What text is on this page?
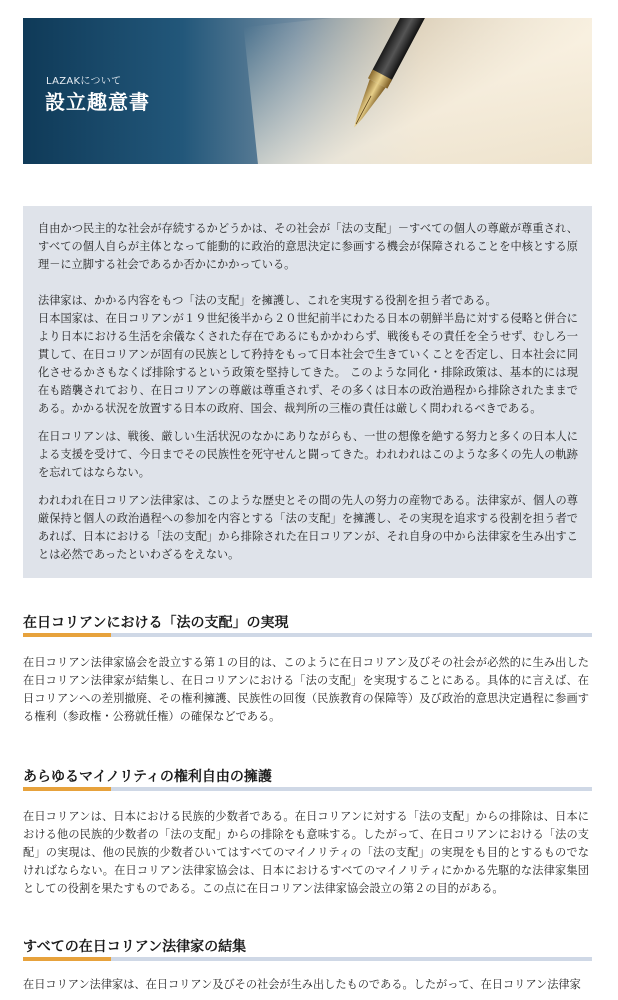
LAZAKについて
設立趣意書
自由かつ民主的な社会が存続するかどうかは、その社会が「法の支配」－すべての個人の尊厳が尊重され、すべての個人自らが主体となって能動的に政治的意思決定に参画する機会が保障されることを中核とする原理－に立脚する社会であるか否かにかかっている。
法律家は、かかる内容をもつ「法の支配」を擁護し、これを実現する役割を担う者である。
日本国家は、在日コリアンが１９世紀後半から２０世紀前半にわたる日本の朝鮮半島に対する侵略と併合により日本における生活を余儀なくされた存在であるにもかかわらず、戦後もその責任を全うせず、むしろ一貫して、在日コリアンが固有の民族として矜持をもって日本社会で生きていくことを否定し、日本社会に同化させるかさもなくば排除するという政策を堅持してきた。 このような同化・排除政策は、基本的には現在も踏襲されており、在日コリアンの尊厳は尊重されず、その多くは日本の政治過程から排除されたままである。かかる状況を放置する日本の政府、国会、裁判所の三権の責任は厳しく問われるべきである。
在日コリアンは、戦後、厳しい生活状況のなかにありながらも、一世の想像を絶する努力と多くの日本人による支援を受けて、今日までその民族性を死守せんと闘ってきた。われわれはこのような多くの先人の軌跡を忘れてはならない。
われわれ在日コリアン法律家は、このような歴史とその間の先人の努力の産物である。法律家が、個人の尊厳保持と個人の政治過程への参加を内容とする「法の支配」を擁護し、その実現を追求する役割を担う者であれば、日本における「法の支配」から排除された在日コリアンが、それ自身の中から法律家を生み出すことは必然であったといわざるをえない。
在日コリアンにおける「法の支配」の実現
在日コリアン法律家協会を設立する第１の目的は、このように在日コリアン及びその社会が必然的に生み出した在日コリアン法律家が結集し、在日コリアンにおける「法の支配」を実現することにある。具体的に言えば、在日コリアンへの差別撤廃、その権利擁護、民族性の回復（民族教育の保障等）及び政治的意思決定過程に参画する権利（参政権・公務就任権）の確保などである。
あらゆるマイノリティの権利自由の擁護
在日コリアンは、日本における民族的少数者である。在日コリアンに対する「法の支配」からの排除は、日本における他の民族的少数者の「法の支配」からの排除をも意味する。したがって、在日コリアンにおける「法の支配」の実現は、他の民族的少数者ひいてはすべてのマイノリティの「法の支配」の実現をも目的とするものでなければならない。在日コリアン法律家協会は、日本におけるすべてのマイノリティにかかる先駆的な法律家集団としての役割を果たすものである。この点に在日コリアン法律家協会設立の第２の目的がある。
すべての在日コリアン法律家の結集
在日コリアン法律家は、在日コリアン及びその社会が生み出したものである。したがって、在日コリアン法律家
